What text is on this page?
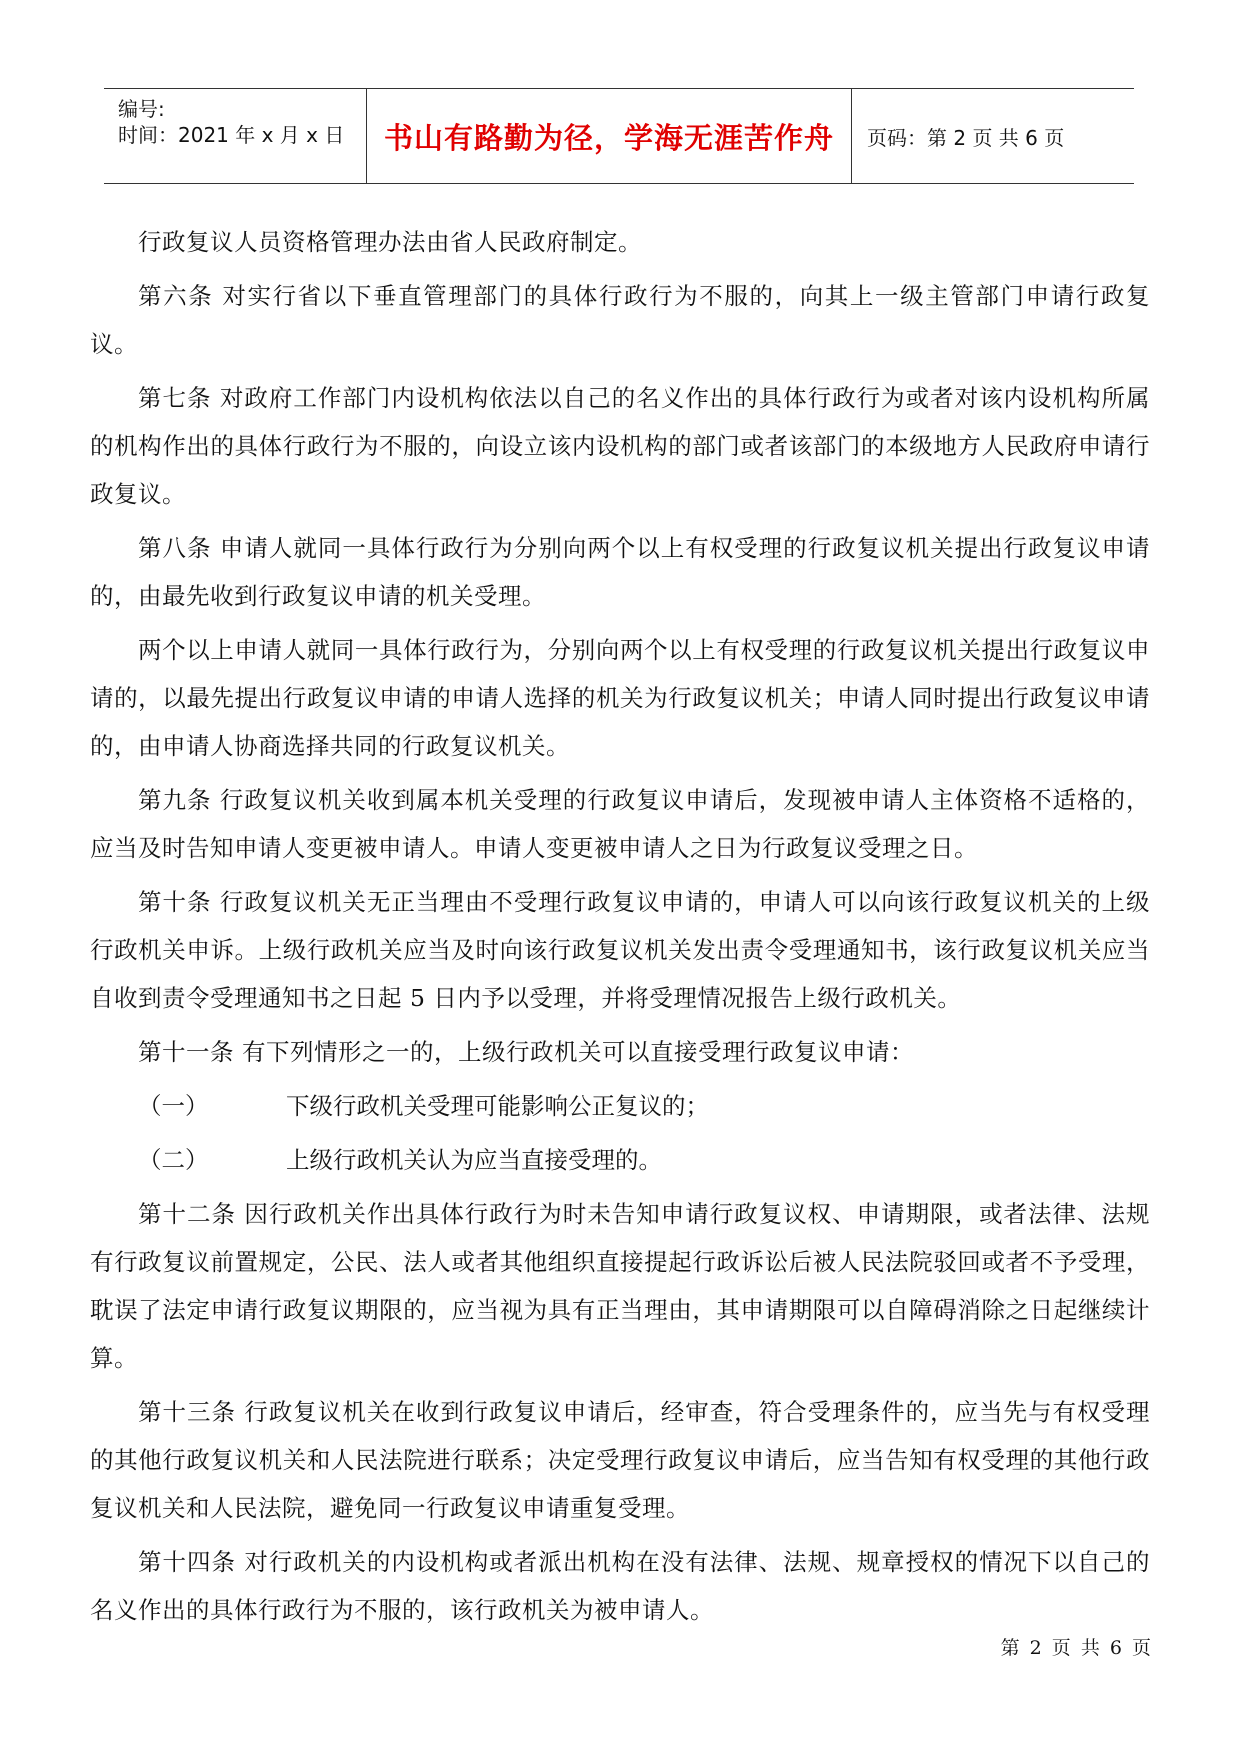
编号:
时间：2021 年 x 月 x 日 书山有路勤为径，学海无涯苦作舟 页码：第 2 页 共 6 页

行政复议人员资格管理办法由省人民政府制定。

第六条 对实行省以下垂直管理部门的具体行政行为不服的，向其上一级主管部门申请行政复议。

第七条 对政府工作部门内设机构依法以自己的名义作出的具体行政行为或者对该内设机构所属的机构作出的具体行政行为不服的，向设立该内设机构的部门或者该部门的本级地方人民政府申请行政复议。

第八条 申请人就同一具体行政行为分别向两个以上有权受理的行政复议机关提出行政复议申请的，由最先收到行政复议申请的机关受理。

两个以上申请人就同一具体行政行为，分别向两个以上有权受理的行政复议机关提出行政复议申请的，以最先提出行政复议申请的申请人选择的机关为行政复议机关；申请人同时提出行政复议申请的，由申请人协商选择共同的行政复议机关。

第九条 行政复议机关收到属本机关受理的行政复议申请后，发现被申请人主体资格不适格的，应当及时告知申请人变更被申请人。申请人变更被申请人之日为行政复议受理之日。

第十条 行政复议机关无正当理由不受理行政复议申请的，申请人可以向该行政复议机关的上级行政机关申诉。上级行政机关应当及时向该行政复议机关发出责令受理通知书，该行政复议机关应当自收到责令受理通知书之日起 5 日内予以受理，并将受理情况报告上级行政机关。

第十一条 有下列情形之一的，上级行政机关可以直接受理行政复议申请：

（一）	下级行政机关受理可能影响公正复议的；
（二）	上级行政机关认为应当直接受理的。

第十二条 因行政机关作出具体行政行为时未告知申请行政复议权、申请期限，或者法律、法规有行政复议前置规定，公民、法人或者其他组织直接提起行政诉讼后被人民法院驳回或者不予受理，耽误了法定申请行政复议期限的，应当视为具有正当理由，其申请期限可以自障碍消除之日起继续计算。

第十三条 行政复议机关在收到行政复议申请后，经审查，符合受理条件的，应当先与有权受理的其他行政复议机关和人民法院进行联系；决定受理行政复议申请后，应当告知有权受理的其他行政复议机关和人民法院，避免同一行政复议申请重复受理。

第十四条 对行政机关的内设机构或者派出机构在没有法律、法规、规章授权的情况下以自己的名义作出的具体行政行为不服的，该行政机关为被申请人。

第 2 页 共 6 页
